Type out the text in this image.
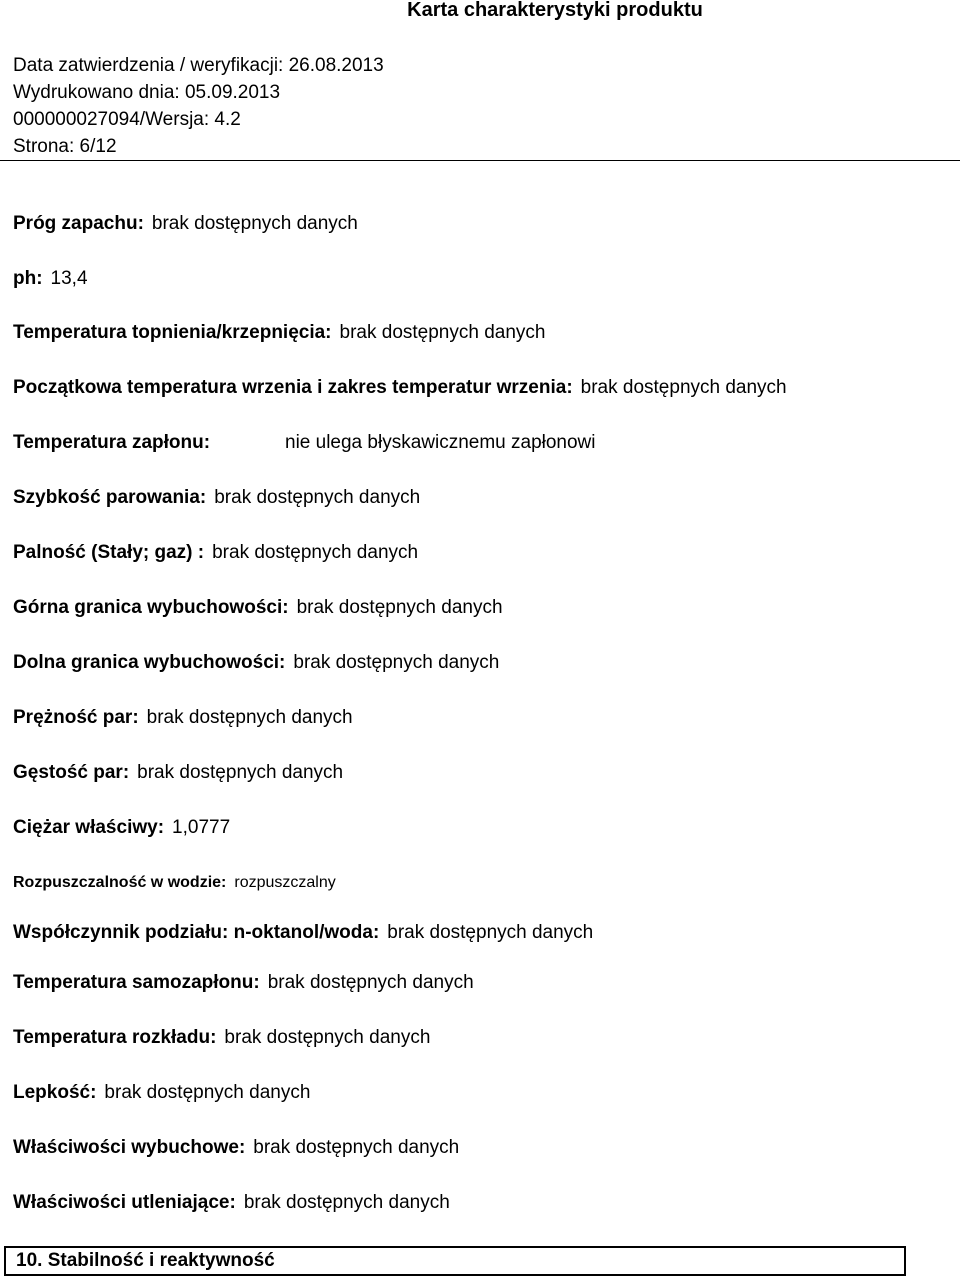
Karta charakterystyki produktu
Data zatwierdzenia / weryfikacji: 26.08.2013
Wydrukowano dnia: 05.09.2013
000000027094/Wersja: 4.2
Strona: 6/12
Próg zapachu: brak dostępnych danych
ph: 13,4
Temperatura topnienia/krzepnięcia: brak dostępnych danych
Początkowa temperatura wrzenia i zakres temperatur wrzenia: brak dostępnych danych
Temperatura zapłonu:	nie ulega błyskawicznemu zapłonowi
Szybkość parowania: brak dostępnych danych
Palność (Stały; gaz) : brak dostępnych danych
Górna granica wybuchowości: brak dostępnych danych
Dolna granica wybuchowości: brak dostępnych danych
Prężność par: brak dostępnych danych
Gęstość par: brak dostępnych danych
Ciężar właściwy: 1,0777
Rozpuszczalność w wodzie: rozpuszczalny
Współczynnik podziału: n-oktanol/woda: brak dostępnych danych
Temperatura samozapłonu: brak dostępnych danych
Temperatura rozkładu: brak dostępnych danych
Lepkość: brak dostępnych danych
Właściwości wybuchowe: brak dostępnych danych
Właściwości utleniające: brak dostępnych danych
10. Stabilność i reaktywność
